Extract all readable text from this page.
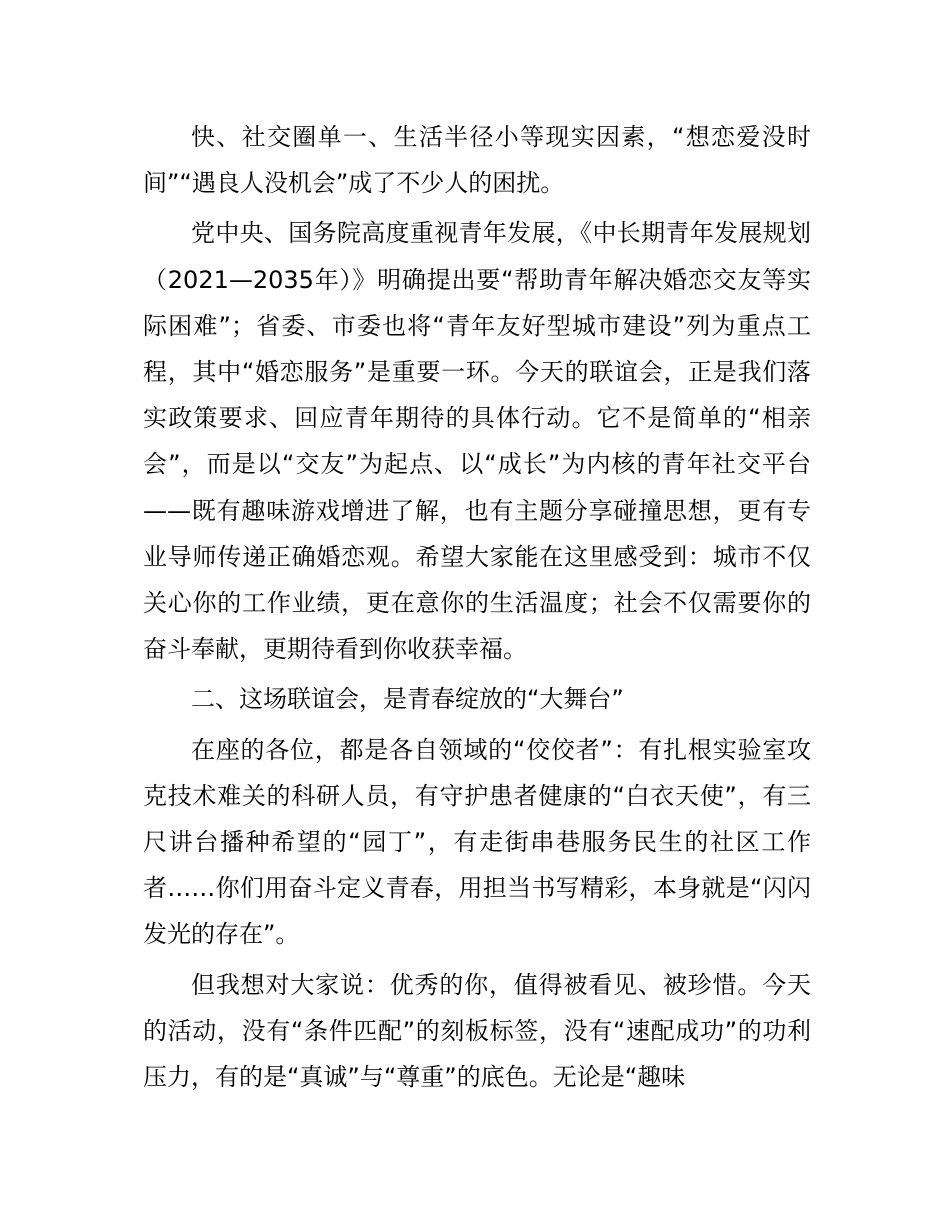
快、社交圈单一、生活半径小等现实因素，“想恋爱没时间”“遇良人没机会”成了不少人的困扰。

党中央、国务院高度重视青年发展，《中长期青年发展规划（2021—2035年）》明确提出要“帮助青年解决婚恋交友等实际困难”；省委、市委也将“青年友好型城市建设”列为重点工程，其中“婚恋服务”是重要一环。今天的联谊会，正是我们落实政策要求、回应青年期待的具体行动。它不是简单的“相亲会”，而是以“交友”为起点、以“成长”为内核的青年社交平台——既有趣味游戏增进了解，也有主题分享碰撞思想，更有专业导师传递正确婚恋观。希望大家能在这里感受到：城市不仅关心你的工作业绩，更在意你的生活温度；社会不仅需要你的奋斗奉献，更期待看到你收获幸福。

二、这场联谊会，是青春绽放的“大舞台”

在座的各位，都是各自领域的“佼佼者”：有扎根实验室攻克技术难关的科研人员，有守护患者健康的“白衣天使”，有三尺讲台播种希望的“园丁”，有走街串巷服务民生的社区工作者……你们用奋斗定义青春，用担当书写精彩，本身就是“闪闪发光的存在”。

但我想对大家说：优秀的你，值得被看见、被珍惜。今天的活动，没有“条件匹配”的刻板标签，没有“速配成功”的功利压力，有的是“真诚”与“尊重”的底色。无论是“趣味
